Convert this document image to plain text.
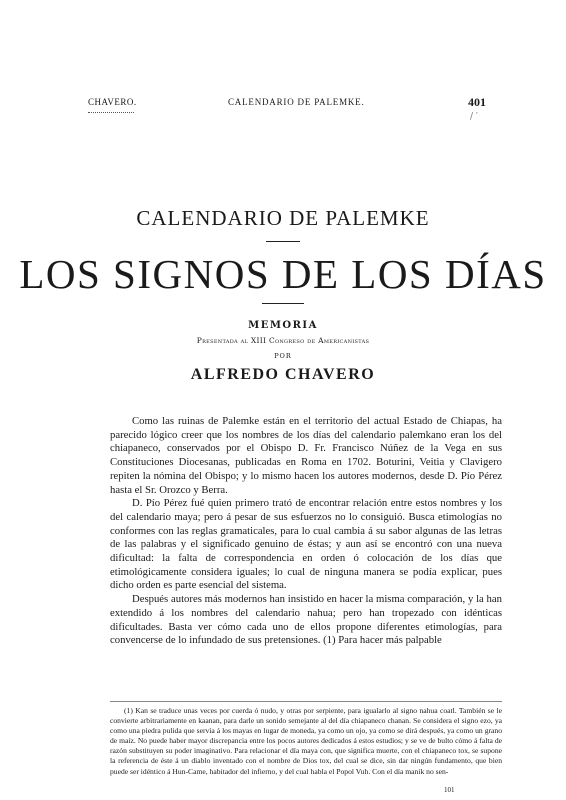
CHAVERO.	CALENDARIO DE PALEMKE.	401
/ ′
CALENDARIO DE PALEMKE
LOS SIGNOS DE LOS DÍAS
MEMORIA
Presentada al XIII Congreso de Americanistas
POR
ALFREDO CHAVERO

Como las ruinas de Palemke están en el territorio del actual Estado de Chiapas, ha parecido lógico creer que los nombres de los días del calendario palemkano eran los del chiapaneco, conservados por el Obispo D. Fr. Francisco Núñez de la Vega en sus Constituciones Diocesanas, publicadas en Roma en 1702. Boturini, Veitia y Clavigero repiten la nómina del Obispo; y lo mismo hacen los autores modernos, desde D. Pío Pérez hasta el Sr. Orozco y Berra.

D. Pío Pérez fué quien primero trató de encontrar relación entre estos nombres y los del calendario maya; pero á pesar de sus esfuerzos no lo consiguió. Busca etimologías no conformes con las reglas gramaticales, para lo cual cambia á su sabor algunas de las letras de las palabras y el significado genuino de éstas; y aun así se encontró con una nueva dificultad: la falta de correspondencia en orden ó colocación de los días que etimológicamente considera iguales; lo cual de ninguna manera se podía explicar, pues dicho orden es parte esencial del sistema.

Después autores más modernos han insistido en hacer la misma comparación, y la han extendido á los nombres del calendario nahua; pero han tropezado con idénticas dificultades. Basta ver cómo cada uno de ellos propone diferentes etimologías, para convencerse de lo infundado de sus pretensiones. (1) Para hacer más palpable

(1) Kan se traduce unas veces por cuerda ó nudo, y otras por serpiente, para igualarlo al signo nahua coatl. También se le convierte arbitrariamente en kaanan, para darle un sonido semejante al del día chiapaneco chanan. Se considera el signo ezo, ya como una piedra pulida que servía á los mayas en lugar de moneda, ya como un ojo, ya como se dirá después, ya como un grano de maíz. No puede haber mayor discrepancia entre los pocos autores dedicados á estos estudios; y se ve de bulto cómo á falta de razón substituyen su poder imaginativo. Para relacionar el día maya con, que significa muerte, con el chiapaneco tox, se supone la referencia de éste á un diablo inventado con el nombre de Dios tox, del cual se dice, sin dar ningún fundamento, que bien puede ser idéntico á Hun-Came, habitador del infierno, y del cual habla el Popol Vuh. Con el día manik no sen-

101
